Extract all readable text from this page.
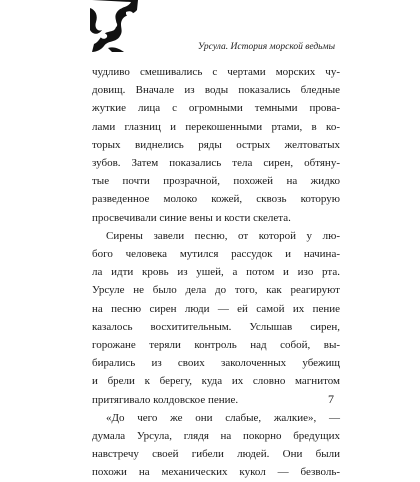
Урсула. История морской ведьмы
чудливо смешивались с чертами морских чу-
довищ. Вначале из воды показались бледные
жуткие лица с огромными темными прова-
лами глазниц и перекошенными ртами, в ко-
торых виднелись ряды острых желтоватых
зубов. Затем показались тела сирен, обтяну-
тые почти прозрачной, похожей на жидко
разведенное молоко кожей, сквозь которую
просвечивали синие вены и кости скелета.
Сирены завели песню, от которой у лю-
бого человека мутился рассудок и начина-
ла идти кровь из ушей, а потом и изо рта.
Урсуле не было дела до того, как реагируют
на песню сирен люди — ей самой их пение
казалось восхитительным. Услышав сирен,
горожане теряли контроль над собой, вы-
бирались из своих заколоченных убежищ
и брели к берегу, куда их словно магнитом
притягивало колдовское пение.
«До чего же они слабые, жалкие», —
думала Урсула, глядя на покорно бредущих
навстречу своей гибели людей. Они были
похожи на механических кукол — безволь-
7
